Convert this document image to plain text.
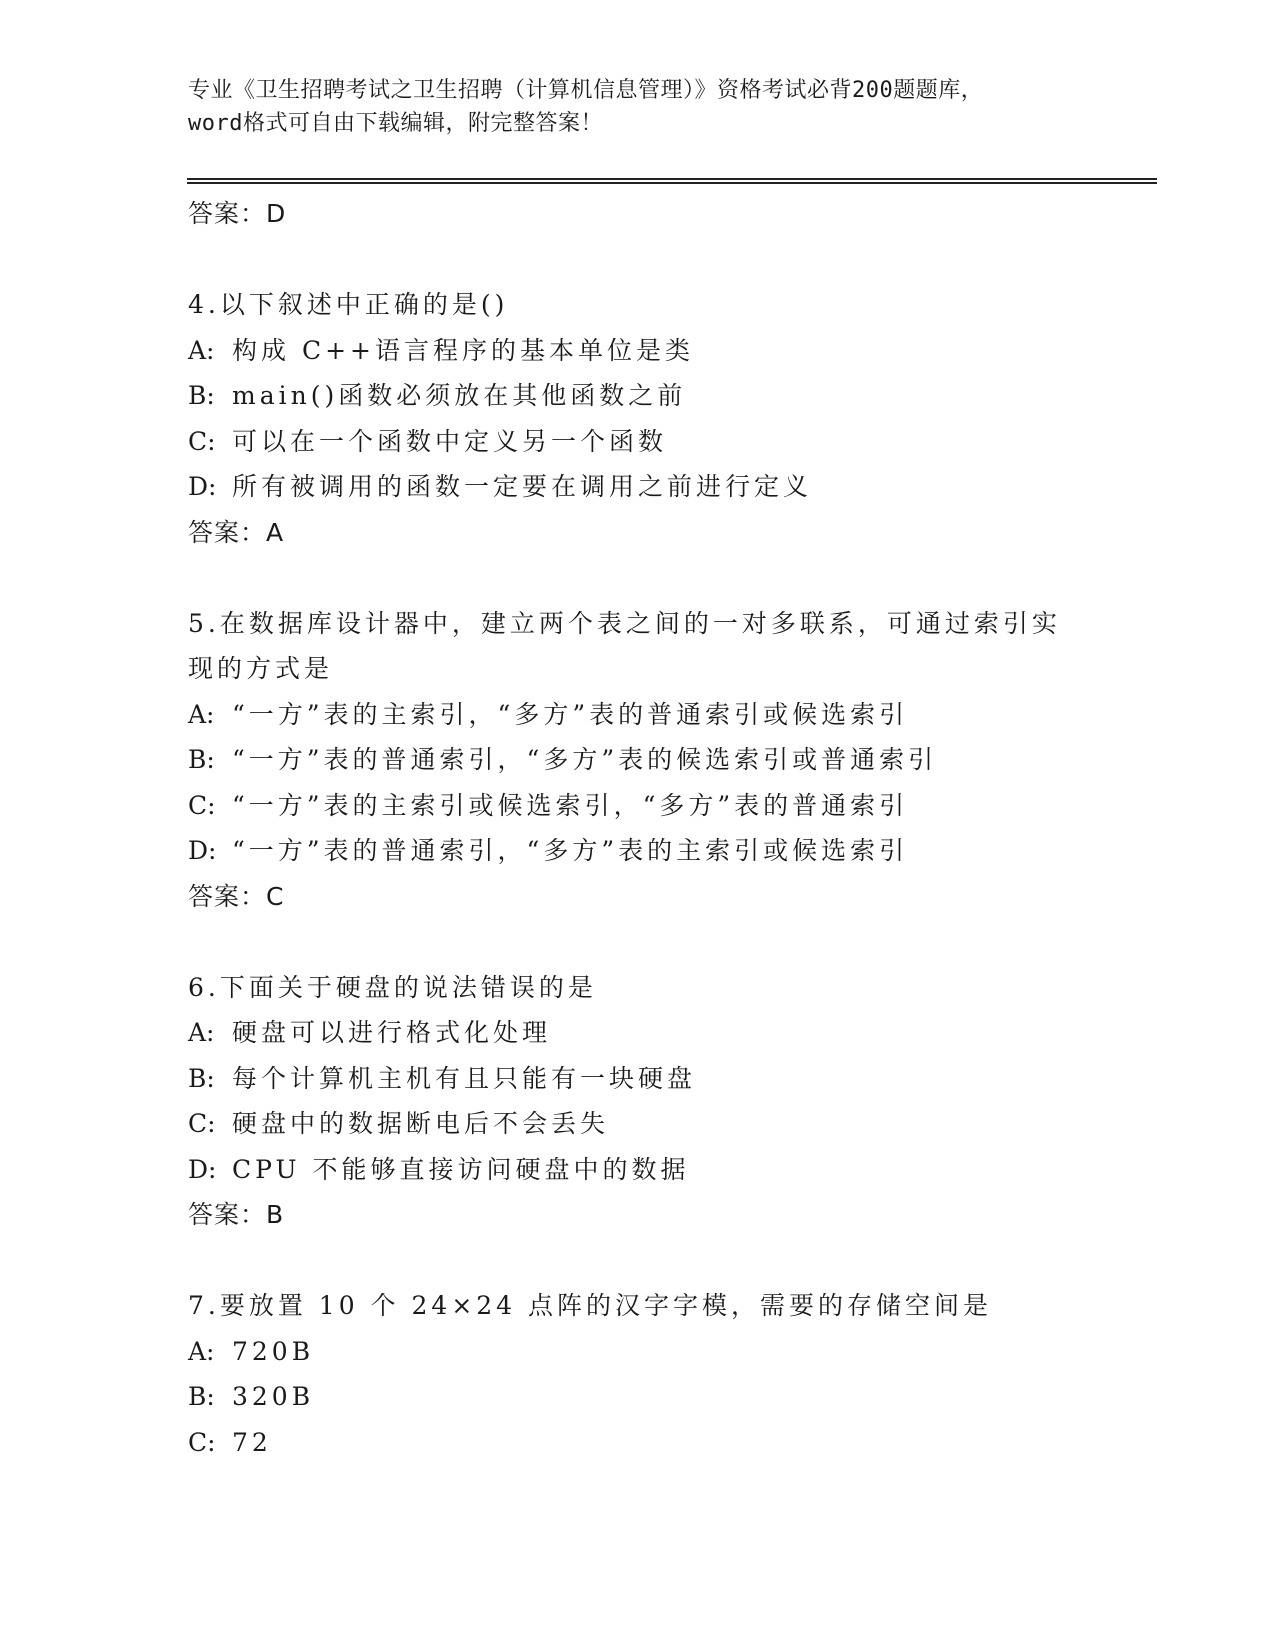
专业《卫生招聘考试之卫生招聘（计算机信息管理）》资格考试必背200题题库，
word格式可自由下载编辑，附完整答案！
答案：D
4.以下叙述中正确的是()
A: 构成 C++语言程序的基本单位是类
B: main()函数必须放在其他函数之前
C: 可以在一个函数中定义另一个函数
D: 所有被调用的函数一定要在调用之前进行定义
答案：A
5.在数据库设计器中，建立两个表之间的一对多联系，可通过索引实
现的方式是
A: “一方”表的主索引，“多方”表的普通索引或候选索引
B: “一方”表的普通索引，“多方”表的候选索引或普通索引
C: “一方”表的主索引或候选索引，“多方”表的普通索引
D: “一方”表的普通索引，“多方”表的主索引或候选索引
答案：C
6.下面关于硬盘的说法错误的是
A: 硬盘可以进行格式化处理
B: 每个计算机主机有且只能有一块硬盘
C: 硬盘中的数据断电后不会丢失
D: CPU 不能够直接访问硬盘中的数据
答案：B
7.要放置 10 个 24×24 点阵的汉字字模，需要的存储空间是
A: 720B
B: 320B
C: 72
